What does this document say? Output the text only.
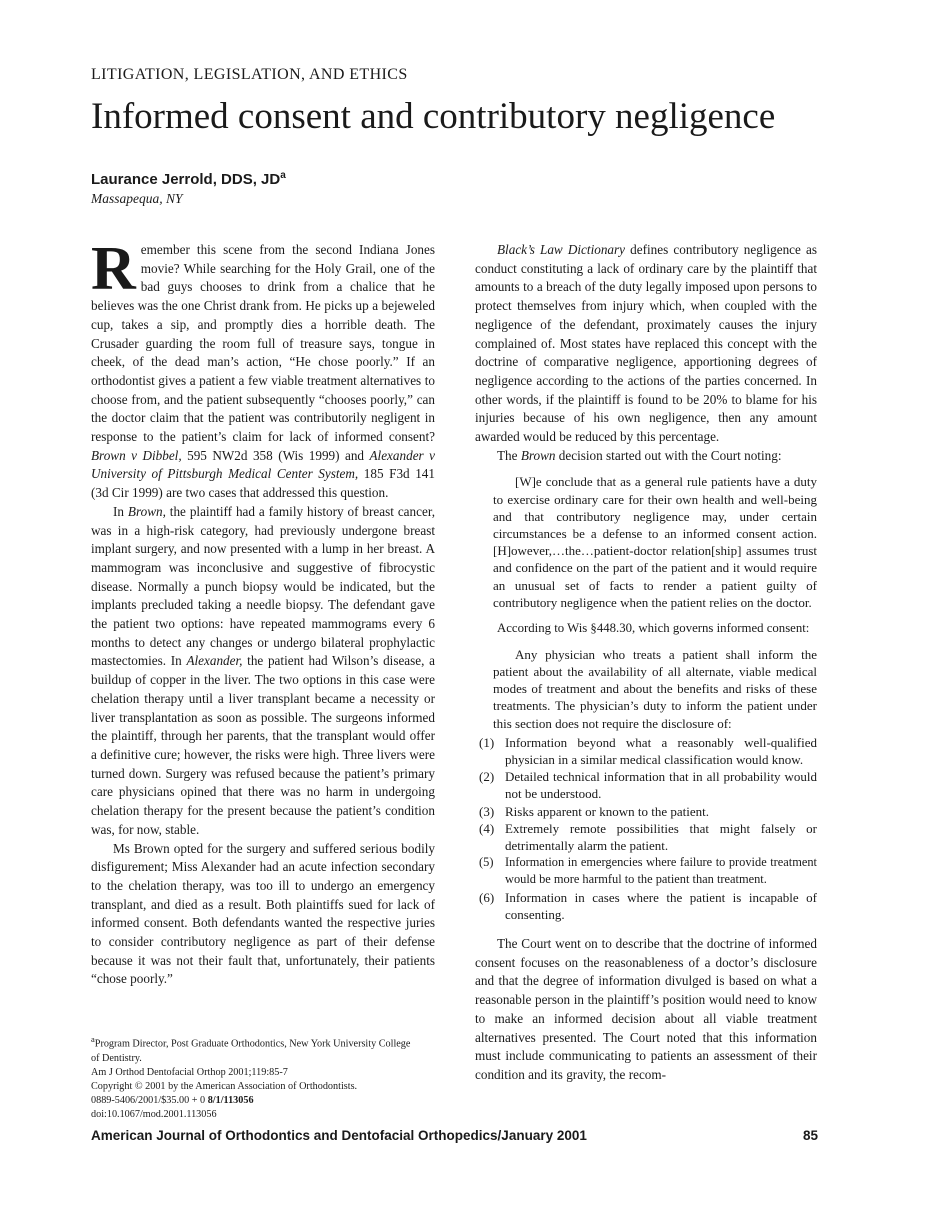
LITIGATION, LEGISLATION, AND ETHICS
Informed consent and contributory negligence
Laurance Jerrold, DDS, $JD^a$
Massapequa, NY

Remember this scene from the second Indiana Jones movie? While searching for the Holy Grail, one of the bad guys chooses to drink from a chalice that he believes was the one Christ drank from. He picks up a bejeweled cup, takes a sip, and promptly dies a horrible death. The Crusader guarding the room full of treasure says, tongue in cheek, of the dead man’s action, “He chose poorly.” If an orthodontist gives a patient a few viable treatment alternatives to choose from, and the patient subsequently “chooses poorly,” can the doctor claim that the patient was contributorily negligent in response to the patient’s claim for lack of informed consent? Brown v Dibbel, 595 NW2d 358 (Wis 1999) and Alexander v University of Pittsburgh Medical Center System, 185 F3d 141 (3d Cir 1999) are two cases that addressed this question.

In Brown, the plaintiff had a family history of breast cancer, was in a high-risk category, had previously undergone breast implant surgery, and now presented with a lump in her breast. A mammogram was inconclusive and suggestive of fibrocystic disease. Normally a punch biopsy would be indicated, but the implants precluded taking a needle biopsy. The defendant gave the patient two options: have repeated mammograms every 6 months to detect any changes or undergo bilateral prophylactic mastectomies. In Alexander, the patient had Wilson’s disease, a buildup of copper in the liver. The two options in this case were chelation therapy until a liver transplant became a necessity or liver transplantation as soon as possible. The surgeons informed the plaintiff, through her parents, that the transplant would offer a definitive cure; however, the risks were high. Three livers were turned down. Surgery was refused because the patient’s primary care physicians opined that there was no harm in undergoing chelation therapy for the present because the patient’s condition was, for now, stable.

Ms Brown opted for the surgery and suffered serious bodily disfigurement; Miss Alexander had an acute infection secondary to the chelation therapy, was too ill to undergo an emergency transplant, and died as a result. Both plaintiffs sued for lack of informed consent. Both defendants wanted the respective juries to consider contributory negligence as part of their defense because it was not their fault that, unfortunately, their patients “chose poorly.”

$^a$Program Director, Post Graduate Orthodontics, New York University College
of Dentistry.
Am J Orthod Dentofacial Orthop 2001;119:85-7
Copyright © 2001 by the American Association of Orthodontists.
0889-5406/2001/$35.00 + 0 8/1/113056
doi:10.1067/mod.2001.113056

Black’s Law Dictionary defines contributory negligence as conduct constituting a lack of ordinary care by the plaintiff that amounts to a breach of the duty legally imposed upon persons to protect themselves from injury which, when coupled with the negligence of the defendant, proximately causes the injury complained of. Most states have replaced this concept with the doctrine of comparative negligence, apportioning degrees of negligence according to the actions of the parties concerned. In other words, if the plaintiff is found to be 20% to blame for his injuries because of his own negligence, then any amount awarded would be reduced by this percentage.

The Brown decision started out with the Court noting:

[W]e conclude that as a general rule patients have a duty to exercise ordinary care for their own health and well-being and that contributory negligence may, under certain circumstances be a defense to an informed consent action. [H]owever,…the…patient-doctor relation[ship] assumes trust and confidence on the part of the patient and it would require an unusual set of facts to render a patient guilty of contributory negligence when the patient relies on the doctor.

According to Wis §448.30, which governs informed consent:

Any physician who treats a patient shall inform the patient about the availability of all alternate, viable medical modes of treatment and about the benefits and risks of these treatments. The physician’s duty to inform the patient under this section does not require the disclosure of:

(1) Information beyond what a reasonably well-qualified physician in a similar medical classification would know.
(2) Detailed technical information that in all probability would not be understood.
(3) Risks apparent or known to the patient.
(4) Extremely remote possibilities that might falsely or detrimentally alarm the patient.
(5) Information in emergencies where failure to provide treatment would be more harmful to the patient than treatment.
(6) Information in cases where the patient is incapable of consenting.

The Court went on to describe that the doctrine of informed consent focuses on the reasonableness of a doctor’s disclosure and that the degree of information divulged is based on what a reasonable person in the plaintiff’s position would need to know to make an informed decision about all viable treatment alternatives presented. The Court noted that this information must include communicating to patients an assessment of their condition and its gravity, the recom-

American Journal of Orthodontics and Dentofacial Orthopedics/January 2001	85
